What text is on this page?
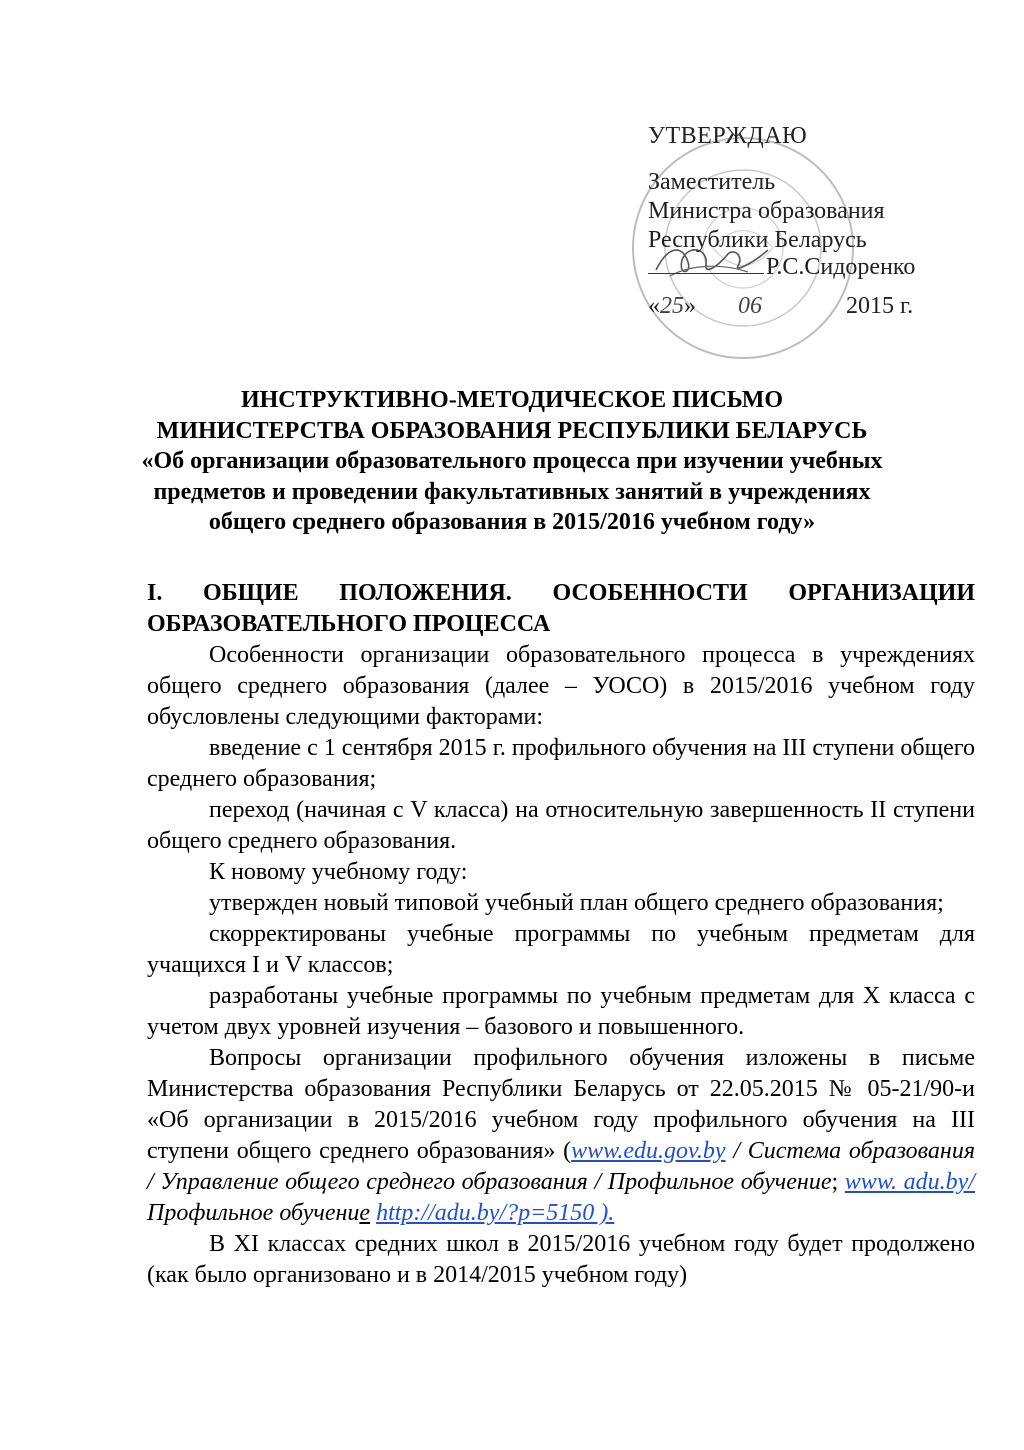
УТВЕРЖДАЮ
Заместитель
Министра образования
Республики Беларусь
Р.С.Сидоренко
«25» 06	2015 г.
ИНСТРУКТИВНО-МЕТОДИЧЕСКОЕ ПИСЬМО
МИНИСТЕРСТВА ОБРАЗОВАНИЯ РЕСПУБЛИКИ БЕЛАРУСЬ
«Об организации образовательного процесса при изучении учебных
предметов и проведении факультативных занятий в учреждениях
общего среднего образования в 2015/2016 учебном году»
I. ОБЩИЕ ПОЛОЖЕНИЯ. ОСОБЕННОСТИ ОРГАНИЗАЦИИ
ОБРАЗОВАТЕЛЬНОГО ПРОЦЕССА

Особенности организации образовательного процесса в учреждениях общего среднего образования (далее – УОСО) в 2015/2016 учебном году обусловлены следующими факторами:

введение с 1 сентября 2015 г. профильного обучения на III ступени общего среднего образования;

переход (начиная с V класса) на относительную завершенность II ступени общего среднего образования.

К новому учебному году:

утвержден новый типовой учебный план общего среднего образования;

скорректированы учебные программы по учебным предметам для учащихся I и V классов;

разработаны учебные программы по учебным предметам для X класса с учетом двух уровней изучения – базового и повышенного.

Вопросы организации профильного обучения изложены в письме Министерства образования Республики Беларусь от 22.05.2015 № 05-21/90-и «Об организации в 2015/2016 учебном году профильного обучения на III ступени общего среднего образования» (www.edu.gov.by / Система образования / Управление общего среднего образования / Профильное обучение; www. adu.by/ Профильное обучение http://adu.by/?p=5150 ).

В XI классах средних школ в 2015/2016 учебном году будет продолжено (как было организовано и в 2014/2015 учебном году)
